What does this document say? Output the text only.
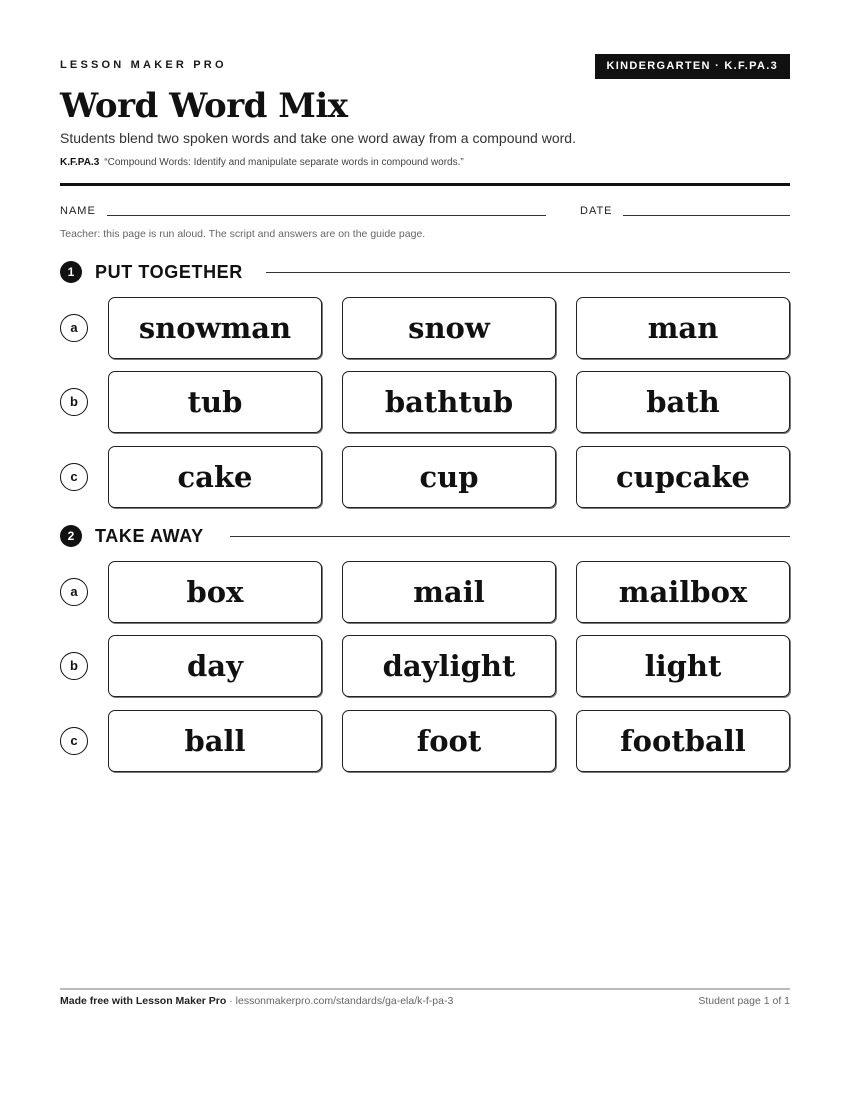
LESSON MAKER PRO	KINDERGARTEN · K.F.PA.3
Word Word Mix
Students blend two spoken words and take one word away from a compound word.
K.F.PA.3 “Compound Words: Identify and manipulate separate words in compound words.”
NAME	DATE
Teacher: this page is run aloud. The script and answers are on the guide page.
1	PUT TOGETHER
a	snowman	snow	man
b	tub	bathtub	bath
c	cake	cup	cupcake
2	TAKE AWAY
a	box	mail	mailbox
b	day	daylight	light
c	ball	foot	football
Made free with Lesson Maker Pro · lessonmakerpro.com/standards/ga-ela/k-f-pa-3	Student page 1 of 1
